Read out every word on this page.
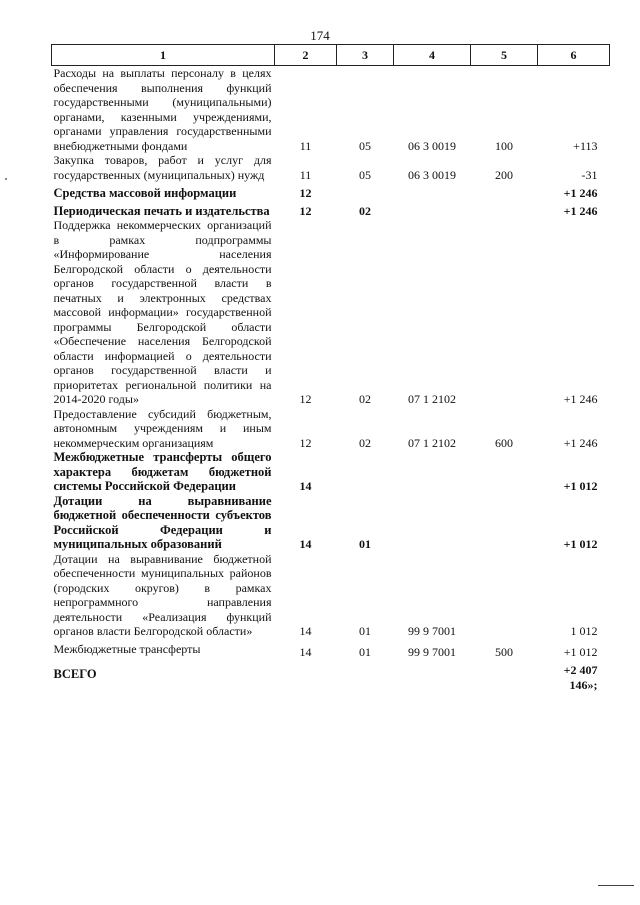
174
1	2	3	4	5	6
Расходы на выплаты персоналу в целях обеспечения выполнения функций государственными (муниципальными) органами, казенными учреждениями, органами управления государственными внебюджетными фондами	11	05	06 3 0019	100	+113
Закупка товаров, работ и услуг для государственных (муниципальных) нужд	11	05	06 3 0019	200	-31
Средства массовой информации	12				+1 246
Периодическая печать и издательства	12	02			+1 246
Поддержка некоммерческих организаций в рамках подпрограммы «Информирование населения Белгородской области о деятельности органов государственной власти в печатных и электронных средствах массовой информации» государственной программы Белгородской области «Обеспечение населения Белгородской области информацией о деятельности органов государственной власти и приоритетах региональной политики на 2014-2020 годы»	12	02	07 1 2102		+1 246
Предоставление субсидий бюджетным, автономным учреждениям и иным некоммерческим организациям	12	02	07 1 2102	600	+1 246
Межбюджетные трансферты общего характера бюджетам бюджетной системы Российской Федерации	14				+1 012
Дотации на выравнивание бюджетной обеспеченности субъектов Российской Федерации и муниципальных образований	14	01			+1 012
Дотации на выравнивание бюджетной обеспеченности муниципальных районов (городских округов) в рамках непрограммного направления деятельности «Реализация функций органов власти Белгородской области»	14	01	99 9 7001		1 012
Межбюджетные трансферты	14	01	99 9 7001	500	+1 012
ВСЕГО					+2 407
146»;
